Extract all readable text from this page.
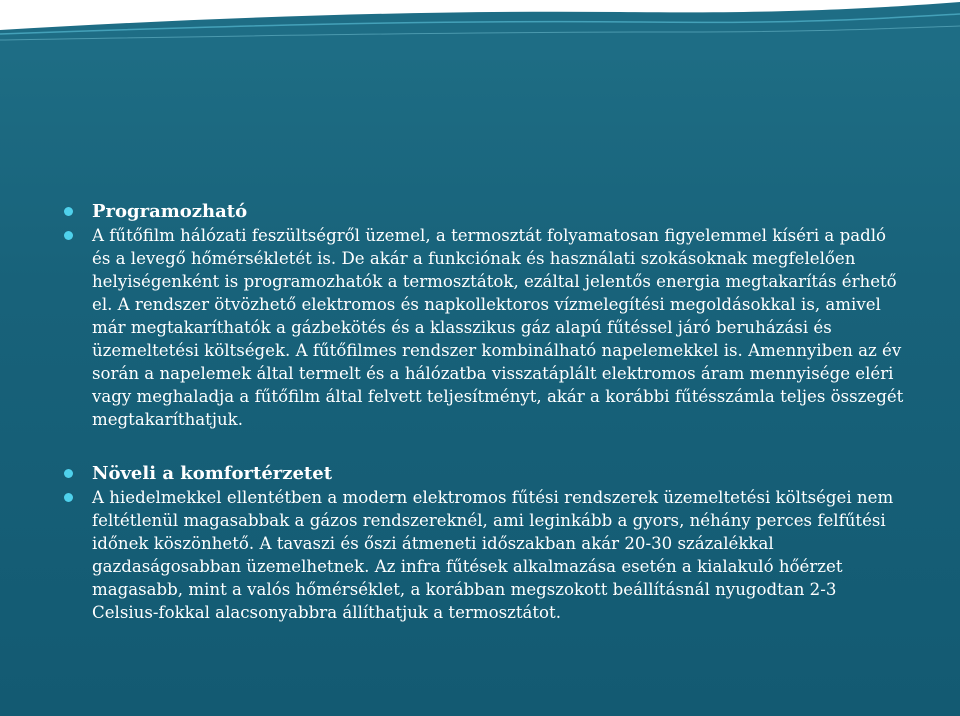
Programozható
A fűtőfilm hálózati feszültségről üzemel, a termosztát folyamatosan figyelemmel kíséri a padló és a levegő hőmérsékletét is. De akár a funkciónak és használati szokásoknak megfelelően helyiségenként is programozhatók a termosztátok, ezáltal jelentős energia megtakarítás érhető el. A rendszer ötvözhető elektromos és napkollektoros vízmelegítési megoldásokkal is, amivel már megtakaríthatók a gázbekötés és a klasszikus gáz alapú fűtéssel járó beruházási és üzemeltetési költségek. A fűtőfilmes rendszer kombinálható napelemekkel is. Amennyiben az év során a napelemek által termelt és a hálózatba visszatáplált elektromos áram mennyisége eléri vagy meghaladja a fűtőfilm által felvett teljesítményt, akár a korábbi fűtésszámla teljes összegét megtakaríthatjuk.
Növeli a komfortérzetet
A hiedelmekkel ellentétben a modern elektromos fűtési rendszerek üzemeltetési költségei nem feltétlenül magasabbak a gázos rendszereknél, ami leginkább a gyors, néhány perces felfűtési időnek köszönhető. A tavaszi és őszi átmeneti időszakban akár 20-30 százalékkal gazdaságosabban üzemelhetnek. Az infra fűtések alkalmazása esetén a kialakuló hőérzet magasabb, mint a valós hőmérséklet, a korábban megszokott beállításnál nyugodtan 2-3 Celsius-fokkal alacsonyabbra állíthatjuk a termosztátot.
